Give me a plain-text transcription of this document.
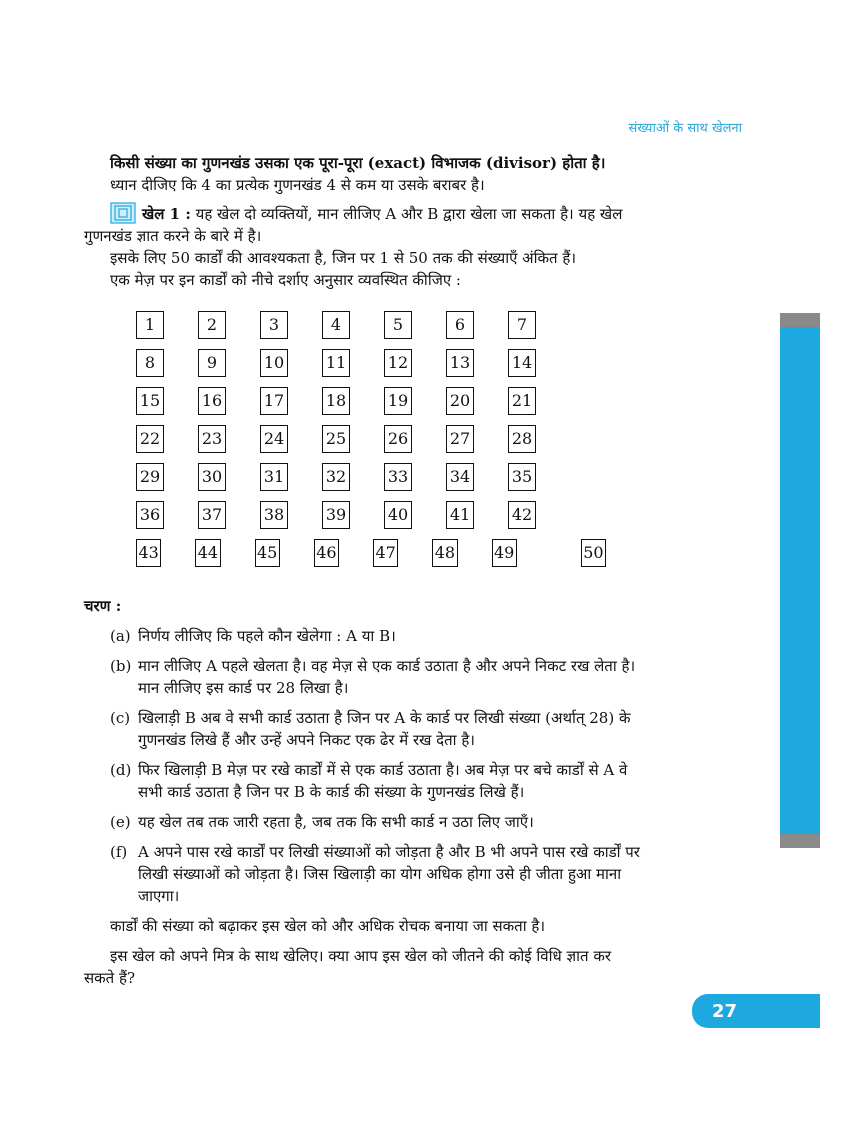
संख्याओं के साथ खेलना

किसी संख्या का गुणनखंड उसका एक पूरा-पूरा (exact) विभाजक (divisor) होता है।

ध्यान दीजिए कि 4 का प्रत्येक गुणनखंड 4 से कम या उसके बराबर है।

खेल 1 : यह खेल दो व्यक्तियों, मान लीजिए A और B द्वारा खेला जा सकता है। यह खेल गुणनखंड ज्ञात करने के बारे में है।

इसके लिए 50 कार्डों की आवश्यकता है, जिन पर 1 से 50 तक की संख्याएँ अंकित हैं।

एक मेज़ पर इन कार्डों को नीचे दर्शाए अनुसार व्यवस्थित कीजिए :

1	2	3	4	5	6	7
8	9	10	11	12	13	14
15	16	17	18	19	20	21
22	23	24	25	26	27	28
29	30	31	32	33	34	35
36	37	38	39	40	41	42
43 44 45 46 47 48 49	50

चरण :

(a) निर्णय लीजिए कि पहले कौन खेलेगा : A या B।
(b) मान लीजिए A पहले खेलता है। वह मेज़ से एक कार्ड उठाता है और अपने निकट रख लेता है। मान लीजिए इस कार्ड पर 28 लिखा है।
(c) खिलाड़ी B अब वे सभी कार्ड उठाता है जिन पर A के कार्ड पर लिखी संख्या (अर्थात् 28) के गुणनखंड लिखे हैं और उन्हें अपने निकट एक ढेर में रख देता है।
(d) फिर खिलाड़ी B मेज़ पर रखे कार्डों में से एक कार्ड उठाता है। अब मेज़ पर बचे कार्डों से A वे सभी कार्ड उठाता है जिन पर B के कार्ड की संख्या के गुणनखंड लिखे हैं।
(e) यह खेल तब तक जारी रहता है, जब तक कि सभी कार्ड न उठा लिए जाएँ।
(f) A अपने पास रखे कार्डों पर लिखी संख्याओं को जोड़ता है और B भी अपने पास रखे कार्डों पर लिखी संख्याओं को जोड़ता है। जिस खिलाड़ी का योग अधिक होगा उसे ही जीता हुआ माना जाएगा।

कार्डों की संख्या को बढ़ाकर इस खेल को और अधिक रोचक बनाया जा सकता है।

इस खेल को अपने मित्र के साथ खेलिए। क्या आप इस खेल को जीतने की कोई विधि ज्ञात कर सकते हैं?

27
